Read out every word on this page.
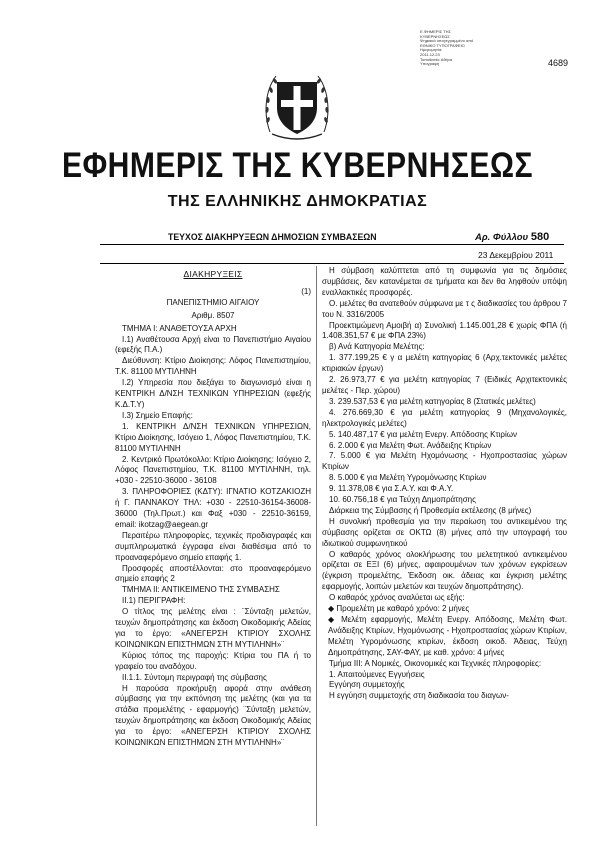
Ε.ΦΗΜΕΡΙΣ ΤΗΣ
ΚΥΒΕΡΝΗΣΕΩΣ
Ψηφιακά υπογεγραμμένο από
ΕΘΝΙΚΟ ΤΥΠΟΓΡΑΦΕΙΟ
Ημερομηνία:
2011.12.23
Τοποθεσία: Αθήνα
Υπογραφή	4689
ΕΦΗΜΕΡΙΣ ΤΗΣ ΚΥΒΕΡΝΗΣΕΩΣ
ΤΗΣ ΕΛΛΗΝΙΚΗΣ ΔΗΜΟΚΡΑΤΙΑΣ
ΤΕΥΧΟΣ ΔΙΑΚΗΡΥΞΕΩΝ ΔΗΜΟΣΙΩΝ ΣΥΜΒΑΣΕΩΝ	Αρ. Φύλλου 580
23 Δεκεμβρίου 2011

ΔΙΑΚΗΡΥΞΕΙΣ

(1)

ΠΑΝΕΠΙΣΤΗΜΙΟ ΑΙΓΑΙΟΥ

Αριθμ. 8507

ΤΜΗΜΑ Ι: ΑΝΑΘΕΤΟΥΣΑ ΑΡΧΗ

Ι.1) Αναθέτουσα Αρχή είναι το Πανεπιστήμιο Αιγαίου (εφεξής Π.Α.)

Διεύθυνση: Κτίριο Διοίκησης: Λόφος Πανεπιστημίου, Τ.Κ. 81100 ΜΥΤΙΛΗΝΗ

Ι.2) Υπηρεσία που διεξάγει το διαγωνισμό είναι η ΚΕΝΤΡΙΚΗ Δ/ΝΣΗ ΤΕΧΝΙΚΩΝ ΥΠΗΡΕΣΙΩΝ (εφεξής Κ.Δ.Τ.Υ)

Ι.3) Σημείο Επαφής:

1. ΚΕΝΤΡΙΚΗ Δ/ΝΣΗ ΤΕΧΝΙΚΩΝ ΥΠΗΡΕΣΙΩΝ, Κτίριο Διοίκησης, Ισόγειο 1, Λόφος Πανεπιστημίου, Τ.Κ. 81100 ΜΥΤΙΛΗΝΗ

2. Κεντρικό Πρωτόκολλο: Κτίριο Διοίκησης: Ισόγειο 2, Λόφος Πανεπιστημίου, Τ.Κ. 81100 ΜΥΤΙΛΗΝΗ, τηλ. +030 - 22510-36000 - 36108

3. ΠΛΗΡΟΦΟΡΙΕΣ (ΚΔΤΥ): ΙΓΝΑΤΙΟ ΚΟΤΖΑΚΙΟΖΗ ή Γ. ΠΑΝΝΑΚΟΥ ΤΗΛ: +030 - 22510-36154-36008- 36000 (Τηλ.Πρωτ.) και Φαξ +030 - 22510-36159, email: ikotzag@aegean.gr

Περαιτέρω πληροφορίες, τεχνικές προδιαγραφές και συμπληρωματικά έγγραφα είναι διαθέσιμα από το προαναφερόμενο σημείο επαφής 1.

Προσφορές αποστέλλονται: στο προαναφερόμενο σημείο επαφής 2

ΤΜΗΜΑ ΙΙ: ΑΝΤΙΚΕΙΜΕΝΟ ΤΗΣ ΣΥΜΒΑΣΗΣ

ΙΙ.1) ΠΕΡΙΓΡΑΦΗ:

Ο τίτλος της μελέτης είναι : ¨Σύνταξη μελετών, τευχών δημοπράτησης και έκδοση Οικοδομικής Αδείας για το έργο: «ΑΝΕΓΕΡΣΗ ΚΤΙΡΙΟΥ ΣΧΟΛΗΣ ΚΟΙΝΩΝΙΚΩΝ ΕΠΙΣΤΗΜΩΝ ΣΤΗ ΜΥΤΙΛΗΝΗ»¨

Κύριος τόπος της παροχής: Κτίρια του ΠΑ ή το γραφείο του αναδόχου.

ΙΙ.1.1. Σύντομη περιγραφή της σύμβασης

Η παρούσα προκήρυξη αφορά στην ανάθεση σύμβασης για την εκπόνηση της μελέτης (και για τα στάδια προμελέτης - εφαρμογής) ¨Σύνταξη μελετών, τευχών δημοπράτησης και έκδοση Οικοδομικής Αδείας για το έργο: «ΑΝΕΓΕΡΣΗ ΚΤΙΡΙΟΥ ΣΧΟΛΗΣ ΚΟΙΝΩΝΙΚΩΝ ΕΠΙΣΤΗΜΩΝ ΣΤΗ ΜΥΤΙΛΗΝΗ»¨

Η σύμβαση καλύπτεται από τη συμφωνία για τις δημόσιες συμβάσεις, δεν κατανέμεται σε τμήματα και δεν θα ληφθούν υπόψη εναλλακτικές προσφορές.

Ο. μελέτες θα ανατεθούν σύμφωνα με τ ς διαδικασίες του άρθρου 7 του Ν. 3316/2005

Προεκτιμώμενη Αμοιβή α) Συνολική 1.145.001,28 € χωρίς ΦΠΑ (ή 1.408.351,57 € με ΦΠΑ 23%)

β) Ανά Κατηγορία Μελέτης:

1. 377.199,25 € γ α μελέτη κατηγορίας 6 (Αρχ.τεκτονικές μελέτες κτιριακών έργων)

2. 26.973,77 € για μελέτη κατηγορίας 7 (Ειδικές Αρχιτεκτονικές μελέτες - Περ. χώρου)

3. 239.537,53 € για μελέτη κατηγορίας 8 (Στατικές μελέτες)

4. 276.669,30 € για μελέτη κατηγορίας 9 (Μηχανολογικές, ηλεκτρολογικές μελέτες)

5. 140.487,17 € για μελέτη Ενεργ. Απόδοσης Κτιρίων

6. 2.000 € για Μελέτη Φωτ. Ανάδειξης Κτιρίων

7. 5.000 € για Μελέτη Ηχομόνωσης - Ηχοπροστασίας χώρων Κτιρίων

8. 5.000 € για Μελέτη Υγρομόνωσης Κτιρίων

9. 11.378,08 € για Σ.Α.Υ. και Φ.Α.Υ.

10. 60.756,18 € για Τεύχη Δημοπράτησης

Διάρκεια της Σύμβασης ή Προθεσμία εκτέλεσης (8 μήνες)

Η συνολική προθεσμία για την περαίωση του αντικειμένου της σύμβασης ορίζεται σε ΟΚΤΩ (8) μήνες από την υπογραφή του ιδιωτικού συμφωνητικού

Ο καθαρός χρόνος ολοκλήρωσης του μελετητικού αντικειμένου ορίζεται σε ΕΞΙ (6) μήνες, αφαιρουμένων των χρόνων εγκρίσεων (έγκριση προμελέτης, Έκδοση οικ. άδειας και έγκριση μελέτης εφαρμογής, λοιπών μελετών και τευχών δημοπράτησης).

Ο καθαρός χρόνος αναλύεται ως εξής:

◆ Προμελέτη με καθαρό χρόνο: 2 μήνες

◆ Μελέτη εφαρμογής, Μελέτη Ενεργ. Απόδοσης, Μελέτη Φωτ. Ανάδειξης Κτιρίων, Ηχομόνωσης - Ηχοπροστασίας χώρων Κτιρίων, Μελέτη Υγρομόνωσης κτιρίων, έκδοση οικοδ. Άδειας, Τεύχη Δημοπράτησης, ΣΑΥ-ΦΑΥ, με καθ. χρόνο: 4 μήνες

Τμήμα ΙΙΙ: Α Νομικές, Οικονομικές και Τεχνικές πληροφορίες:

1. Απαιτούμενες Εγγυήσεις

Εγγύηση συμμετοχής

Η εγγύηση συμμετοχής στη διαδικασία του διαγων-
